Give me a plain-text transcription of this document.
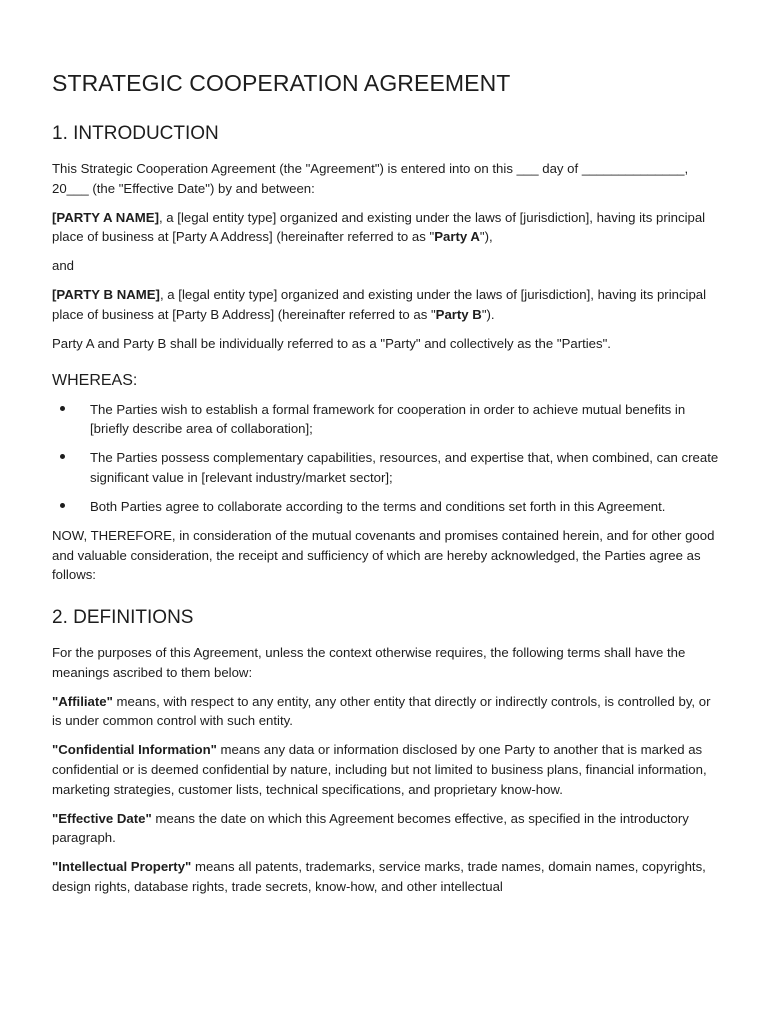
STRATEGIC COOPERATION AGREEMENT
1. INTRODUCTION

This Strategic Cooperation Agreement (the "Agreement") is entered into on this ___ day of ______________, 20___ (the "Effective Date") by and between:

[PARTY A NAME], a [legal entity type] organized and existing under the laws of [jurisdiction], having its principal place of business at [Party A Address] (hereinafter referred to as "Party A"),

and

[PARTY B NAME], a [legal entity type] organized and existing under the laws of [jurisdiction], having its principal place of business at [Party B Address] (hereinafter referred to as "Party B").

Party A and Party B shall be individually referred to as a "Party" and collectively as the "Parties".

WHEREAS:
The Parties wish to establish a formal framework for cooperation in order to achieve mutual benefits in [briefly describe area of collaboration];
The Parties possess complementary capabilities, resources, and expertise that, when combined, can create significant value in [relevant industry/market sector];
Both Parties agree to collaborate according to the terms and conditions set forth in this Agreement.

NOW, THEREFORE, in consideration of the mutual covenants and promises contained herein, and for other good and valuable consideration, the receipt and sufficiency of which are hereby acknowledged, the Parties agree as follows:

2. DEFINITIONS

For the purposes of this Agreement, unless the context otherwise requires, the following terms shall have the meanings ascribed to them below:

"Affiliate" means, with respect to any entity, any other entity that directly or indirectly controls, is controlled by, or is under common control with such entity.

"Confidential Information" means any data or information disclosed by one Party to another that is marked as confidential or is deemed confidential by nature, including but not limited to business plans, financial information, marketing strategies, customer lists, technical specifications, and proprietary know-how.

"Effective Date" means the date on which this Agreement becomes effective, as specified in the introductory paragraph.

"Intellectual Property" means all patents, trademarks, service marks, trade names, domain names, copyrights, design rights, database rights, trade secrets, know-how, and other intellectual
